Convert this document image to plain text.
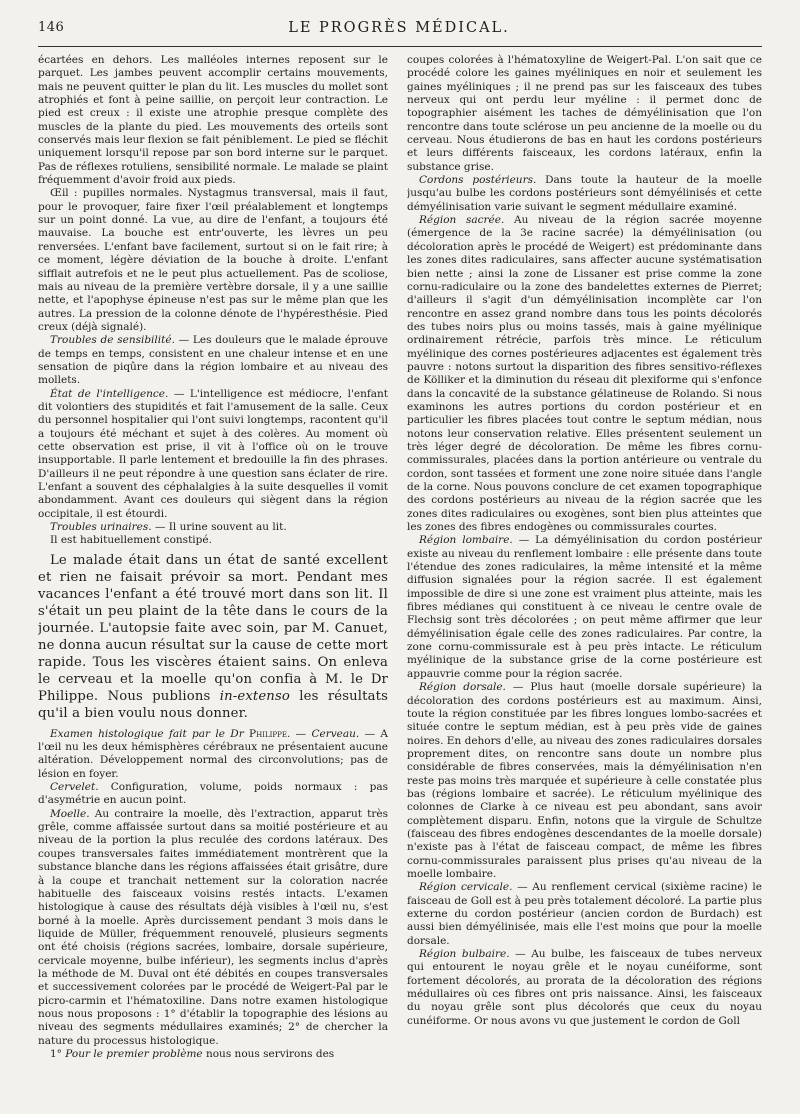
146	LE PROGRÈS MÉDICAL.

écartées en dehors. Les malléoles internes reposent sur le parquet. Les jambes peuvent accomplir certains mouvements, mais ne peuvent quitter le plan du lit. Les muscles du mollet sont atrophiés et font à peine saillie, on perçoit leur contraction. Le pied est creux : il existe une atrophie presque complète des muscles de la plante du pied. Les mouvements des orteils sont conservés mais leur flexion se fait péniblement. Le pied se fléchit uniquement lorsqu'il repose par son bord interne sur le parquet. Pas de réflexes rotuliens, sensibilité normale. Le malade se plaint fréquemment d'avoir froid aux pieds.

Œil : pupilles normales. Nystagmus transversal, mais il faut, pour le provoquer, faire fixer l'œil préalablement et longtemps sur un point donné. La vue, au dire de l'enfant, a toujours été mauvaise. La bouche est entr'ouverte, les lèvres un peu renversées. L'enfant bave facilement, surtout si on le fait rire; à ce moment, légère déviation de la bouche à droite. L'enfant sifflait autrefois et ne le peut plus actuellement. Pas de scoliose, mais au niveau de la première vertèbre dorsale, il y a une saillie nette, et l'apophyse épineuse n'est pas sur le même plan que les autres. La pression de la colonne dénote de l'hypéresthésie. Pied creux (déjà signalé).

Troubles de sensibilité. — Les douleurs que le malade éprouve de temps en temps, consistent en une chaleur intense et en une sensation de piqûre dans la région lombaire et au niveau des mollets.

État de l'intelligence. — L'intelligence est médiocre, l'enfant dit volontiers des stupidités et fait l'amusement de la salle. Ceux du personnel hospitalier qui l'ont suivi longtemps, racontent qu'il a toujours été méchant et sujet à des colères. Au moment où cette observation est prise, il vit à l'office où on le trouve insupportable. Il parle lentement et bredouille la fin des phrases. D'ailleurs il ne peut répondre à une question sans éclater de rire. L'enfant a souvent des céphalalgies à la suite desquelles il vomit abondamment. Avant ces douleurs qui siègent dans la région occipitale, il est étourdi.

Troubles urinaires. — Il urine souvent au lit.

Il est habituellement constipé.

Le malade était dans un état de santé excellent et rien ne faisait prévoir sa mort. Pendant mes vacances l'enfant a été trouvé mort dans son lit. Il s'était un peu plaint de la tête dans le cours de la journée. L'autopsie faite avec soin, par M. Canuet, ne donna aucun résultat sur la cause de cette mort rapide. Tous les viscères étaient sains. On enleva le cerveau et la moelle qu'on confia à M. le Dr Philippe. Nous publions in-extenso les résultats qu'il a bien voulu nous donner.

Examen histologique fait par le Dr Philippe. — Cerveau. — A l'œil nu les deux hémisphères cérébraux ne présentaient aucune altération. Développement normal des circonvolutions; pas de lésion en foyer.

Cervelet. Configuration, volume, poids normaux : pas d'asymétrie en aucun point.

Moelle. Au contraire la moelle, dès l'extraction, apparut très grêle, comme affaissée surtout dans sa moitié postérieure et au niveau de la portion la plus reculée des cordons latéraux. Des coupes transversales faites immédiatement montrèrent que la substance blanche dans les régions affaissées était grisâtre, dure à la coupe et tranchait nettement sur la coloration nacrée habituelle des faisceaux voisins restés intacts. L'examen histologique à cause des résultats déjà visibles à l'œil nu, s'est borné à la moelle. Après durcissement pendant 3 mois dans le liquide de Müller, fréquemment renouvelé, plusieurs segments ont été choisis (régions sacrées, lombaire, dorsale supérieure, cervicale moyenne, bulbe inférieur), les segments inclus d'après la méthode de M. Duval ont été débités en coupes transversales et successivement colorées par le procédé de Weigert-Pal par le picro-carmin et l'hématoxiline. Dans notre examen histologique nous nous proposons : 1° d'établir la topographie des lésions au niveau des segments médullaires examinés; 2° de chercher la nature du processus histologique.

1° Pour le premier problème nous nous servirons des

coupes colorées à l'hématoxyline de Weigert-Pal. L'on sait que ce procédé colore les gaines myéliniques en noir et seulement les gaines myéliniques ; il ne prend pas sur les faisceaux des tubes nerveux qui ont perdu leur myéline : il permet donc de topographier aisément les taches de démyélinisation que l'on rencontre dans toute sclérose un peu ancienne de la moelle ou du cerveau. Nous étudierons de bas en haut les cordons postérieurs et leurs différents faisceaux, les cordons latéraux, enfin la substance grise.

Cordons postérieurs. Dans toute la hauteur de la moelle jusqu'au bulbe les cordons postérieurs sont démyélinisés et cette démyélinisation varie suivant le segment médullaire examiné.

Région sacrée. Au niveau de la région sacrée moyenne (émergence de la 3e racine sacrée) la démyélinisation (ou décoloration après le procédé de Weigert) est prédominante dans les zones dites radiculaires, sans affecter aucune systématisation bien nette ; ainsi la zone de Lissaner est prise comme la zone cornu-radiculaire ou la zone des bandelettes externes de Pierret; d'ailleurs il s'agit d'un démyélinisation incomplète car l'on rencontre en assez grand nombre dans tous les points décolorés des tubes noirs plus ou moins tassés, mais à gaine myélinique ordinairement rétrécie, parfois très mince. Le réticulum myélinique des cornes postérieures adjacentes est également très pauvre : notons surtout la disparition des fibres sensitivo-réflexes de Kölliker et la diminution du réseau dit plexiforme qui s'enfonce dans la concavité de la substance gélatineuse de Rolando. Si nous examinons les autres portions du cordon postérieur et en particulier les fibres placées tout contre le septum médian, nous notons leur conservation relative. Elles présentent seulement un très léger degré de décoloration. De même les fibres cornu-commissurales, placées dans la portion antérieure ou ventrale du cordon, sont tassées et forment une zone noire située dans l'angle de la corne. Nous pouvons conclure de cet examen topographique des cordons postérieurs au niveau de la région sacrée que les zones dites radiculaires ou exogènes, sont bien plus atteintes que les zones des fibres endogènes ou commissurales courtes.

Région lombaire. — La démyélinisation du cordon postérieur existe au niveau du renflement lombaire : elle présente dans toute l'étendue des zones radiculaires, la même intensité et la même diffusion signalées pour la région sacrée. Il est également impossible de dire si une zone est vraiment plus atteinte, mais les fibres médianes qui constituent à ce niveau le centre ovale de Flechsig sont très décolorées ; on peut même affirmer que leur démyélinisation égale celle des zones radiculaires. Par contre, la zone cornu-commissurale est à peu près intacte. Le réticulum myélinique de la substance grise de la corne postérieure est appauvrie comme pour la région sacrée.

Région dorsale. — Plus haut (moelle dorsale supérieure) la décoloration des cordons postérieurs est au maximum. Ainsi, toute la région constituée par les fibres longues lombo-sacrées et située contre le septum médian, est à peu près vide de gaines noires. En dehors d'elle, au niveau des zones radiculaires dorsales proprement dites, on rencontre sans doute un nombre plus considérable de fibres conservées, mais la démyélinisation n'en reste pas moins très marquée et supérieure à celle constatée plus bas (régions lombaire et sacrée). Le réticulum myélinique des colonnes de Clarke à ce niveau est peu abondant, sans avoir complètement disparu. Enfin, notons que la virgule de Schultze (faisceau des fibres endogènes descendantes de la moelle dorsale) n'existe pas à l'état de faisceau compact, de même les fibres cornu-commissurales paraissent plus prises qu'au niveau de la moelle lombaire.

Région cervicale. — Au renflement cervical (sixième racine) le faisceau de Goll est à peu près totalement décoloré. La partie plus externe du cordon postérieur (ancien cordon de Burdach) est aussi bien démyélinisée, mais elle l'est moins que pour la moelle dorsale.

Région bulbaire. — Au bulbe, les faisceaux de tubes nerveux qui entourent le noyau grêle et le noyau cunéiforme, sont fortement décolorés, au prorata de la décoloration des régions médullaires où ces fibres ont pris naissance. Ainsi, les faisceaux du noyau grêle sont plus décolorés que ceux du noyau cunéiforme. Or nous avons vu que justement le cordon de Goll
